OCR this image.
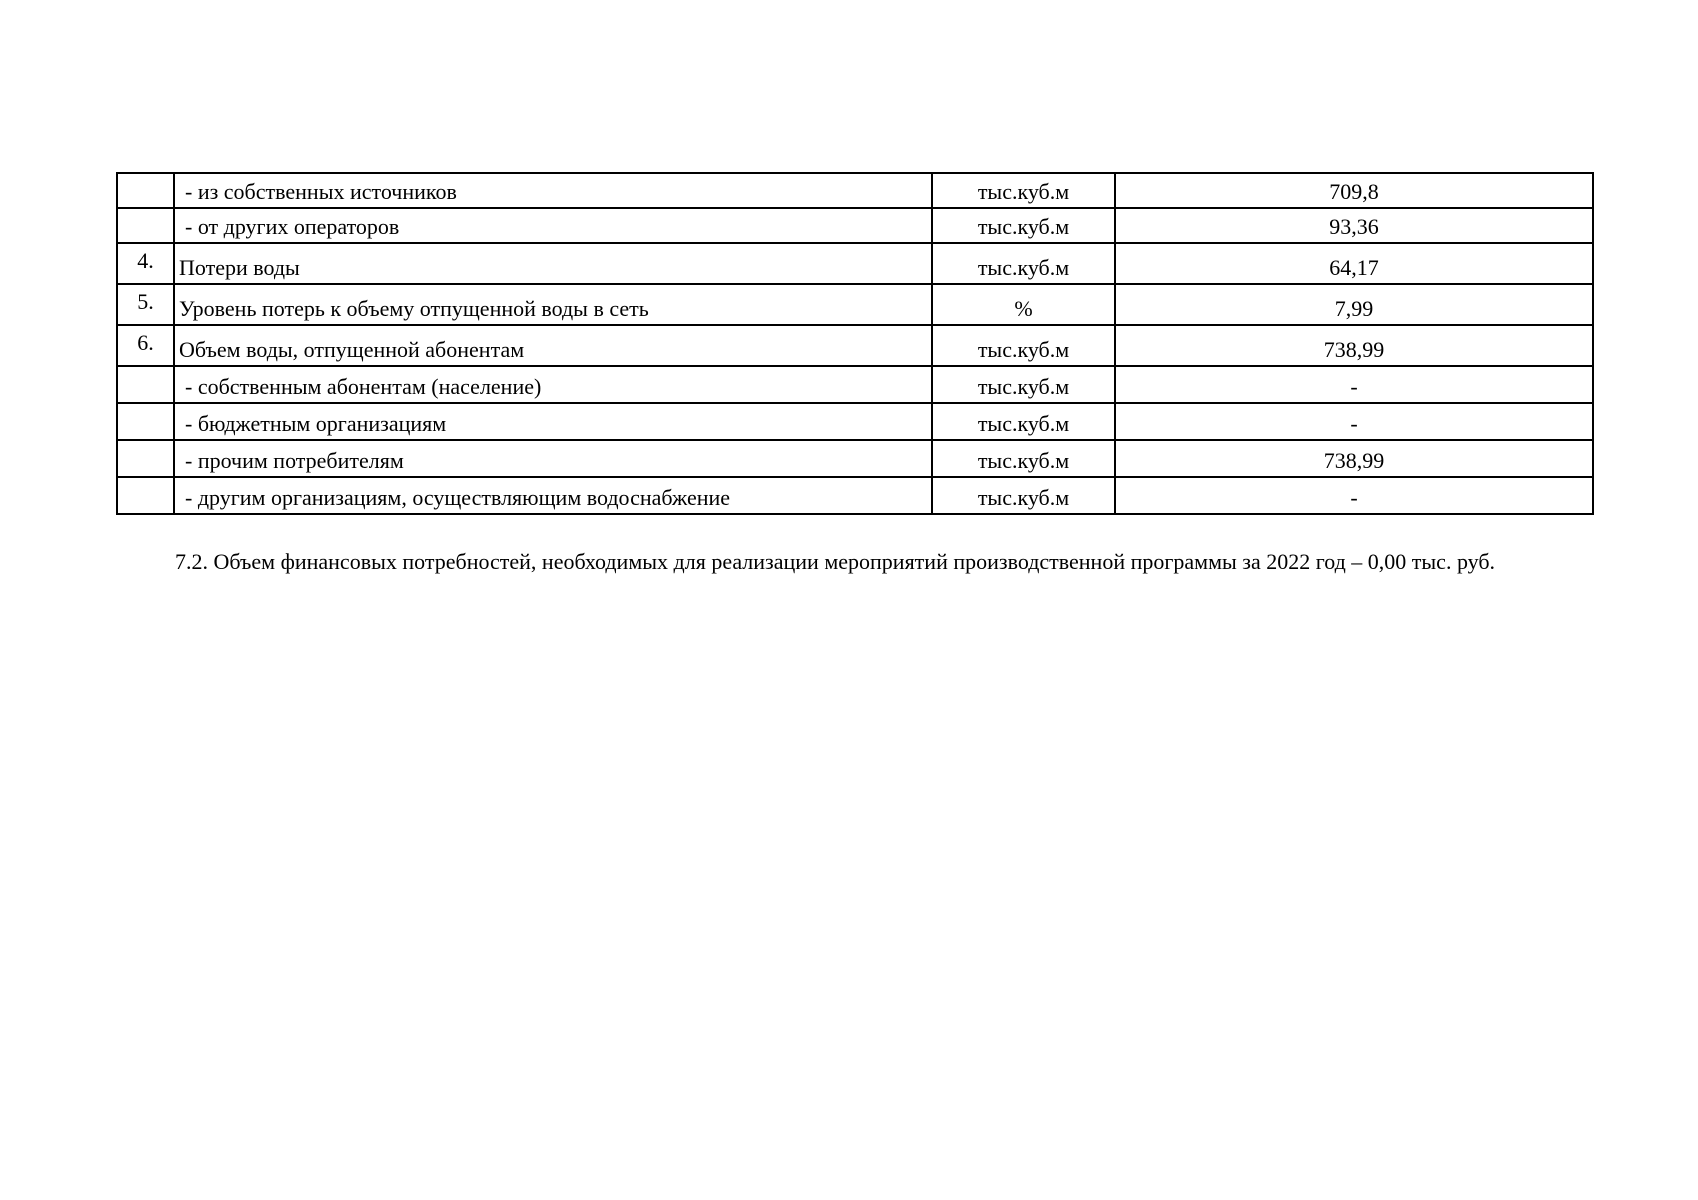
	- из собственных источников	тыс.куб.м	709,8
	- от других операторов	тыс.куб.м	93,36
4.	Потери воды	тыс.куб.м	64,17
5.	Уровень потерь к объему отпущенной воды в сеть	%	7,99
6.	Объем воды, отпущенной абонентам	тыс.куб.м	738,99
	- собственным абонентам (население)	тыс.куб.м	-
	- бюджетным организациям	тыс.куб.м	-
	- прочим потребителям	тыс.куб.м	738,99
	- другим организациям, осуществляющим водоснабжение	тыс.куб.м	-

7.2. Объем финансовых потребностей, необходимых для реализации мероприятий производственной программы за 2022 год – 0,00 тыс. руб.
